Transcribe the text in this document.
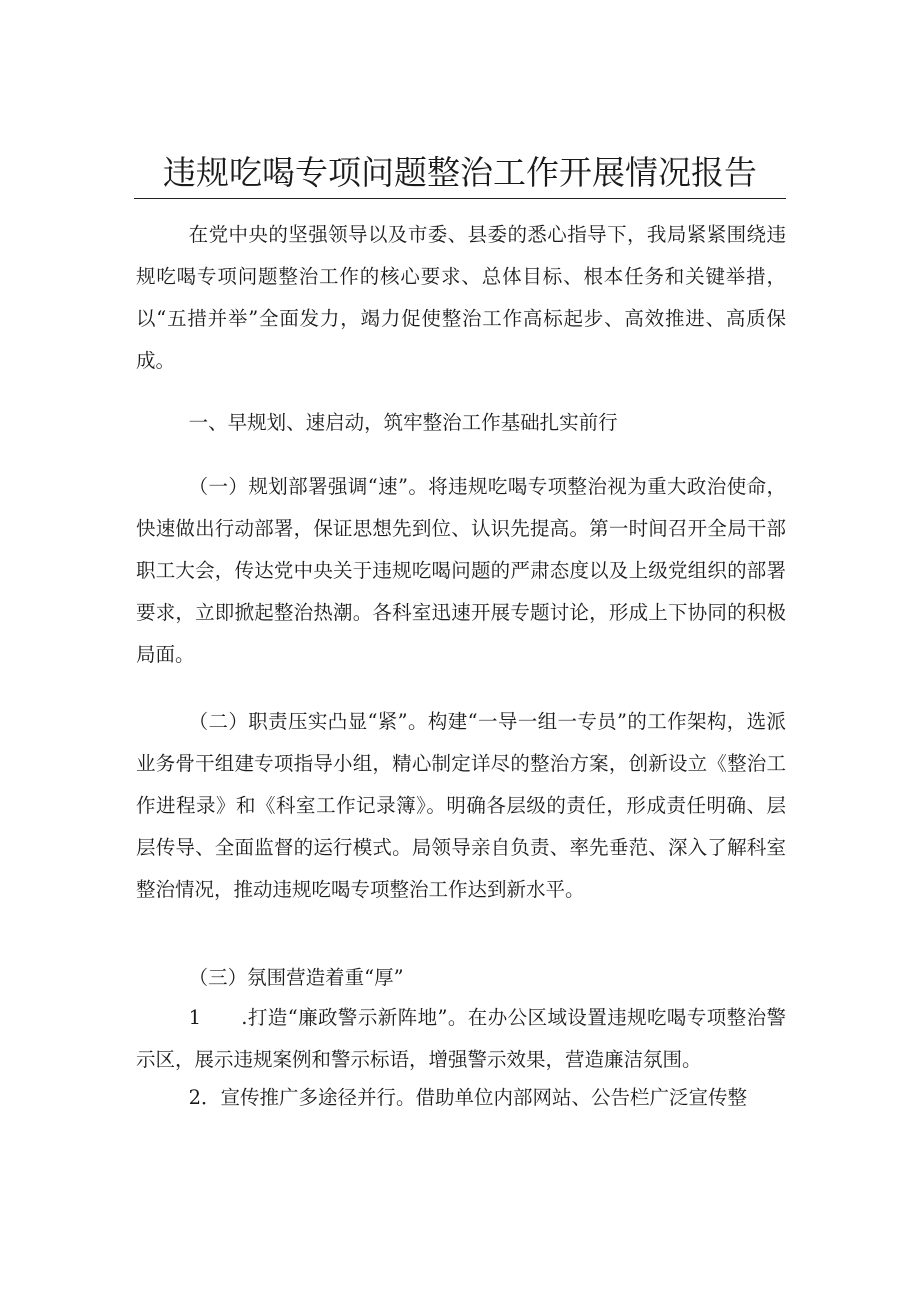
违规吃喝专项问题整治工作开展情况报告
在党中央的坚强领导以及市委、县委的悉心指导下，我局紧紧围绕违规吃喝专项问题整治工作的核心要求、总体目标、根本任务和关键举措，以“五措并举”全面发力，竭力促使整治工作高标起步、高效推进、高质保成。
一、早规划、速启动，筑牢整治工作基础扎实前行
（一）规划部署强调“速”。将违规吃喝专项整治视为重大政治使命，快速做出行动部署，保证思想先到位、认识先提高。第一时间召开全局干部职工大会，传达党中央关于违规吃喝问题的严肃态度以及上级党组织的部署要求，立即掀起整治热潮。各科室迅速开展专题讨论，形成上下协同的积极局面。
（二）职责压实凸显“紧”。构建“一导一组一专员”的工作架构，选派业务骨干组建专项指导小组，精心制定详尽的整治方案，创新设立《整治工作进程录》和《科室工作记录簿》。明确各层级的责任，形成责任明确、层层传导、全面监督的运行模式。局领导亲自负责、率先垂范、深入了解科室整治情况，推动违规吃喝专项整治工作达到新水平。
（三）氛围营造着重“厚”
1　　.打造“廉政警示新阵地”。在办公区域设置违规吃喝专项整治警示区，展示违规案例和警示标语，增强警示效果，营造廉洁氛围。
2．宣传推广多途径并行。借助单位内部网站、公告栏广泛宣传整
